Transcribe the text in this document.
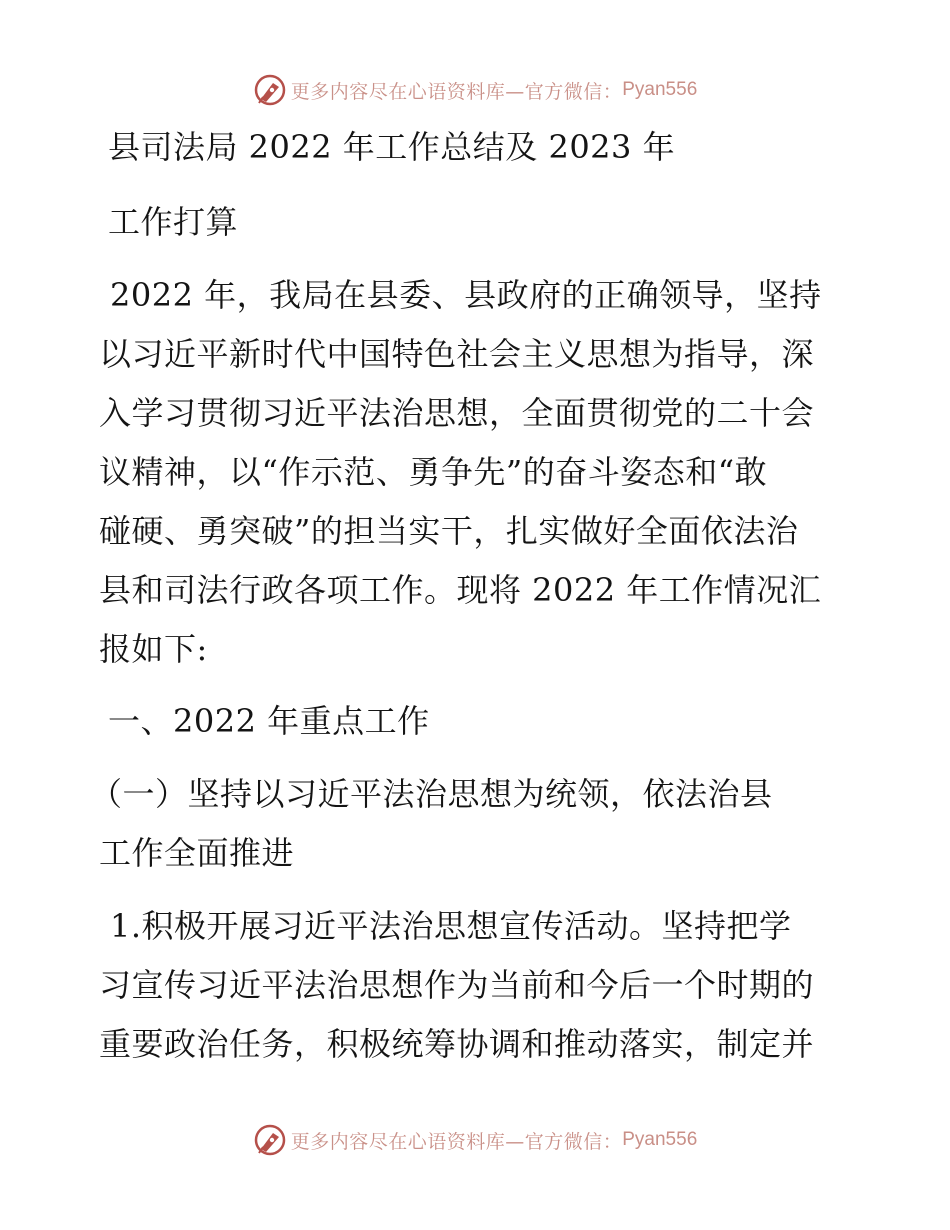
更多内容尽在心语资料库—官方微信： Pyan556
县司法局 2022 年工作总结及 2023 年
工作打算
2022 年，我局在县委、县政府的正确领导，坚持
以习近平新时代中国特色社会主义思想为指导，深
入学习贯彻习近平法治思想，全面贯彻党的二十会
议精神，以“作示范、勇争先”的奋斗姿态和“敢
碰硬、勇突破”的担当实干，扎实做好全面依法治
县和司法行政各项工作。现将 2022 年工作情况汇
报如下:
一、2022 年重点工作
（一）坚持以习近平法治思想为统领，依法治县
工作全面推进
1.积极开展习近平法治思想宣传活动。坚持把学
习宣传习近平法治思想作为当前和今后一个时期的
重要政治任务，积极统筹协调和推动落实，制定并
更多内容尽在心语资料库—官方微信： Pyan556
